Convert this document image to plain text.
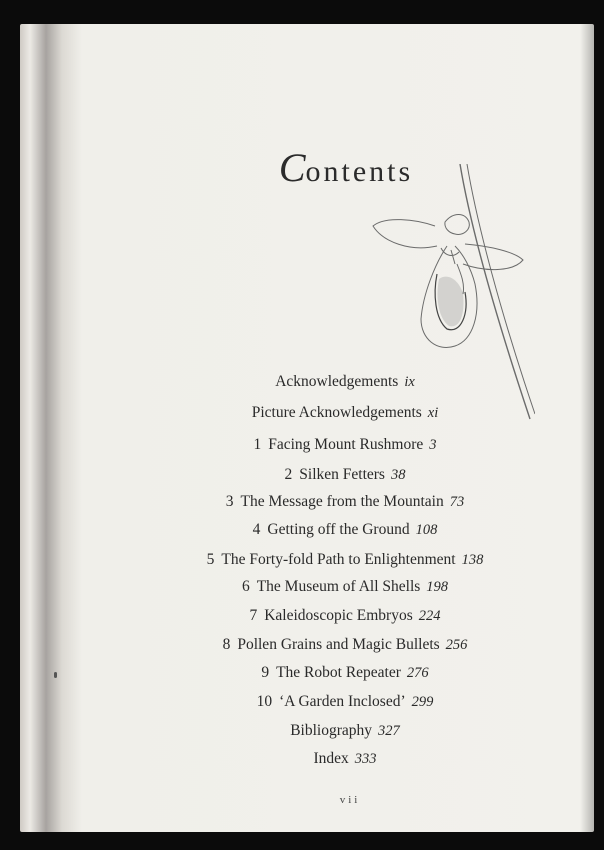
Contents
Acknowledgements ix
Picture Acknowledgements xi
1 Facing Mount Rushmore 3
2 Silken Fetters 38
3 The Message from the Mountain 73
4 Getting off the Ground 108
5 The Forty-fold Path to Enlightenment 138
6 The Museum of All Shells 198
7 Kaleidoscopic Embryos 224
8 Pollen Grains and Magic Bullets 256
9 The Robot Repeater 276
10 ‘A Garden Inclosed’ 299
Bibliography 327
Index 333
vii
